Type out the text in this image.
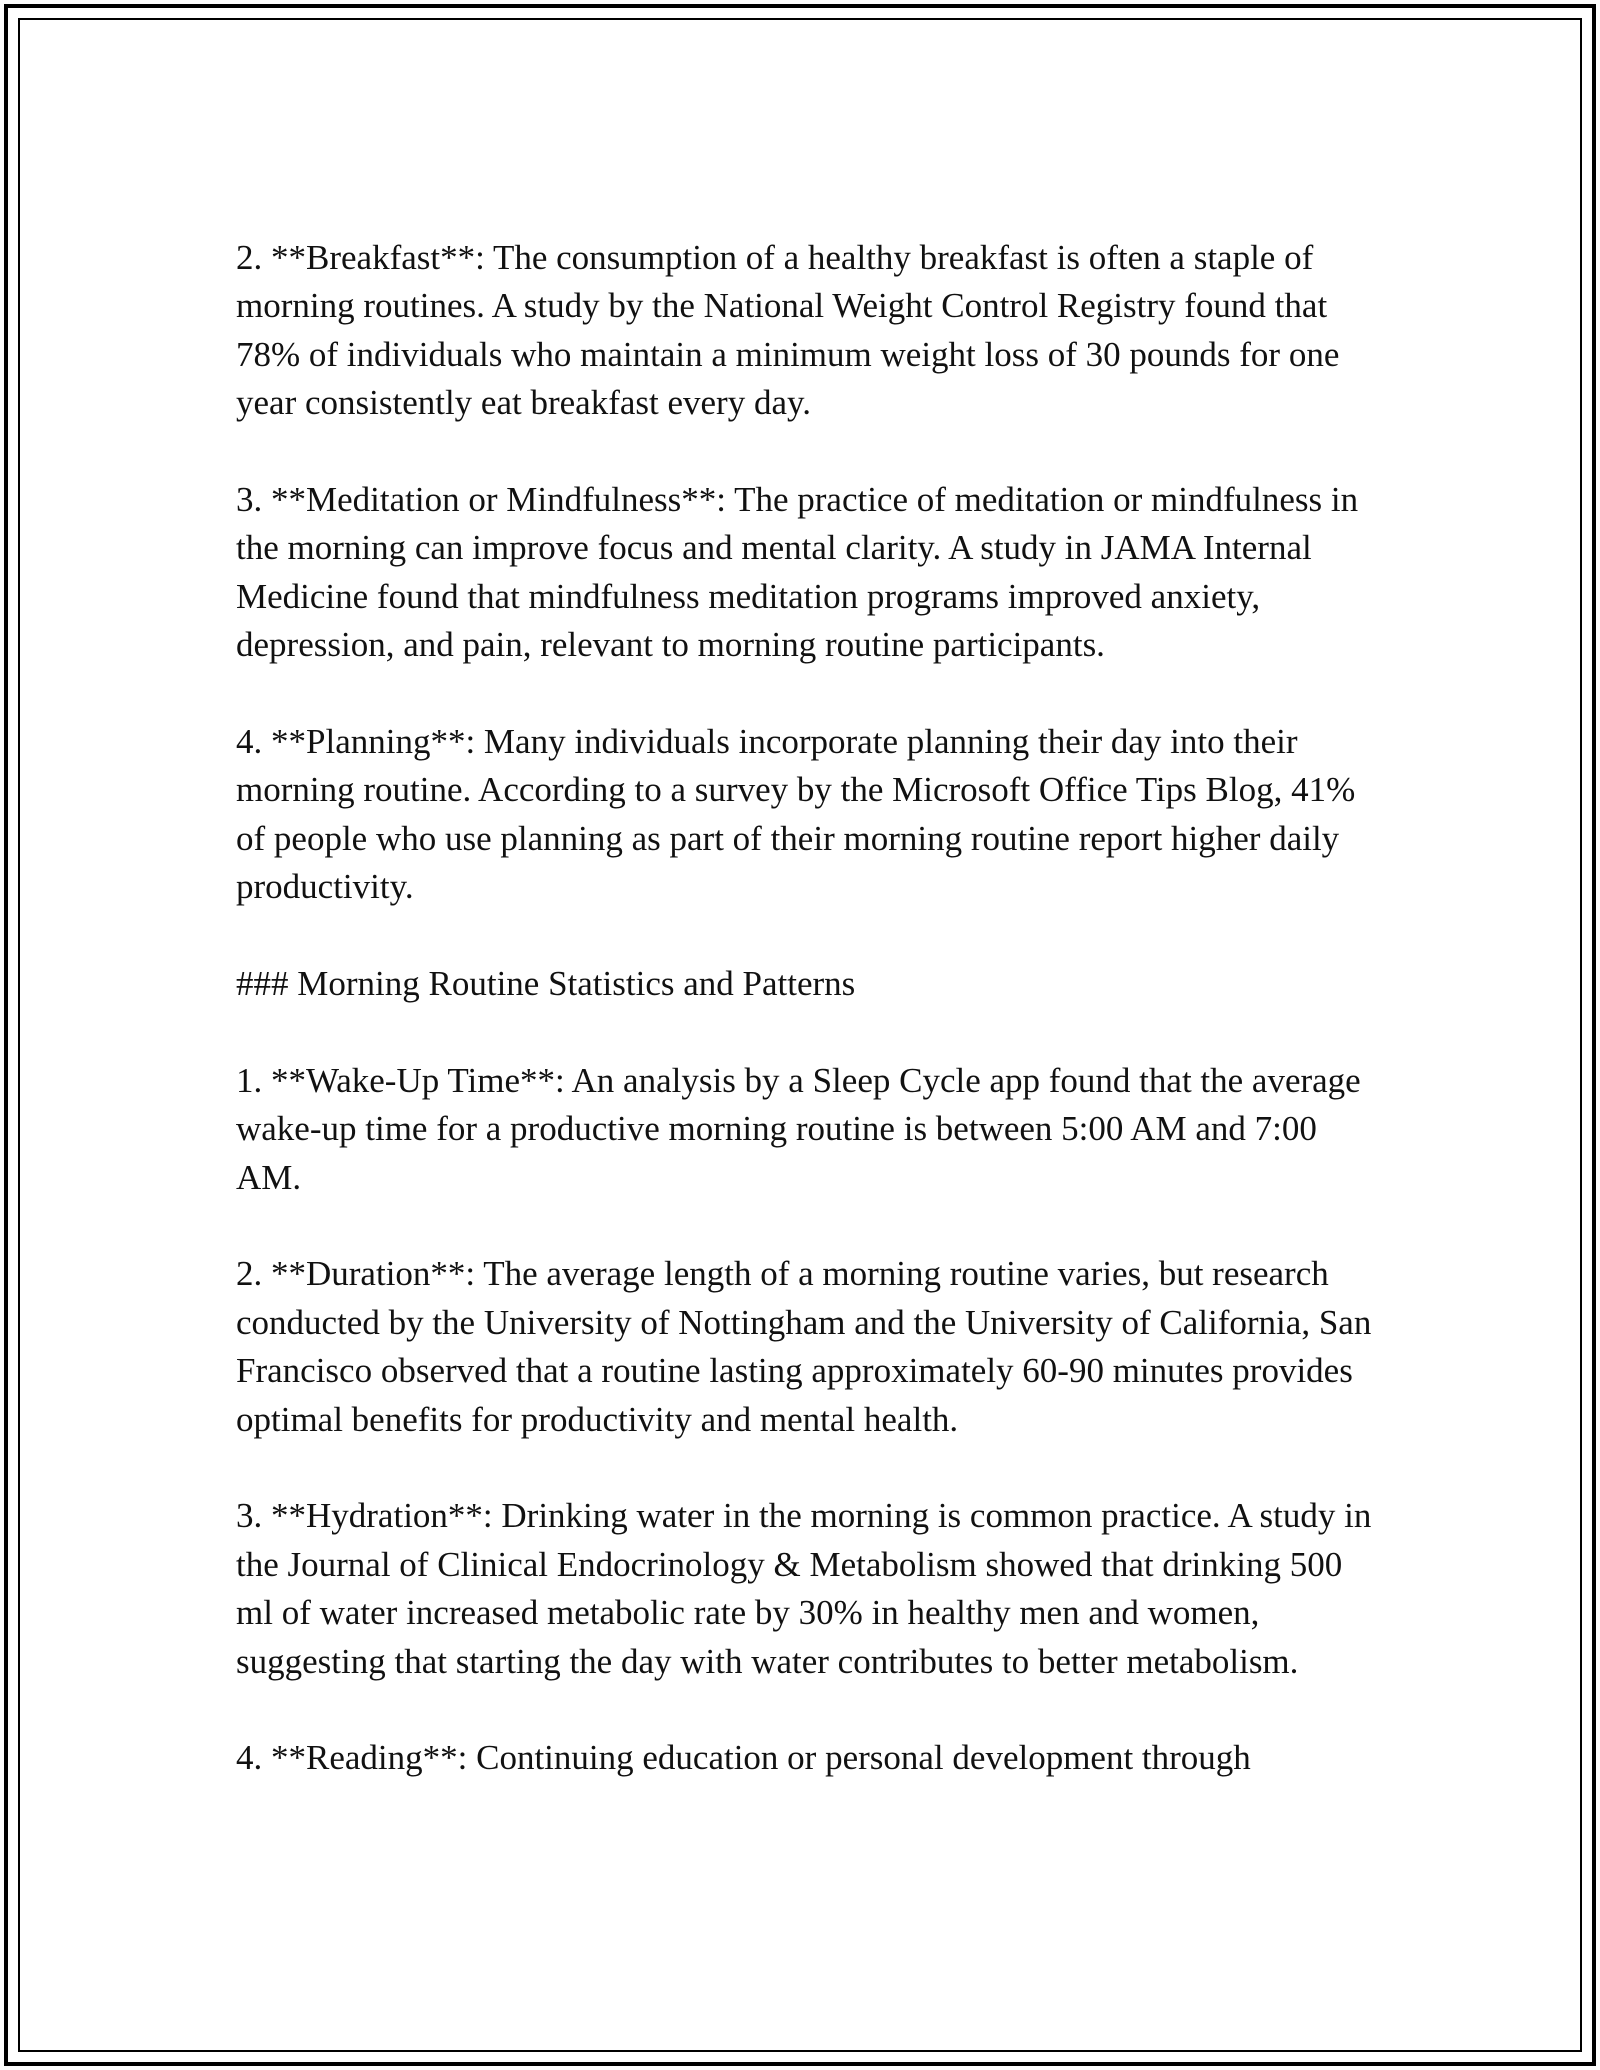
2. **Breakfast**: The consumption of a healthy breakfast is often a staple of morning routines. A study by the National Weight Control Registry found that 78% of individuals who maintain a minimum weight loss of 30 pounds for one year consistently eat breakfast every day.

3. **Meditation or Mindfulness**: The practice of meditation or mindfulness in the morning can improve focus and mental clarity. A study in JAMA Internal Medicine found that mindfulness meditation programs improved anxiety, depression, and pain, relevant to morning routine participants.

4. **Planning**: Many individuals incorporate planning their day into their morning routine. According to a survey by the Microsoft Office Tips Blog, 41% of people who use planning as part of their morning routine report higher daily productivity.

### Morning Routine Statistics and Patterns

1. **Wake-Up Time**: An analysis by a Sleep Cycle app found that the average wake-up time for a productive morning routine is between 5:00 AM and 7:00 AM.

2. **Duration**: The average length of a morning routine varies, but research conducted by the University of Nottingham and the University of California, San Francisco observed that a routine lasting approximately 60-90 minutes provides optimal benefits for productivity and mental health.

3. **Hydration**: Drinking water in the morning is common practice. A study in the Journal of Clinical Endocrinology & Metabolism showed that drinking 500 ml of water increased metabolic rate by 30% in healthy men and women, suggesting that starting the day with water contributes to better metabolism.

4. **Reading**: Continuing education or personal development through
